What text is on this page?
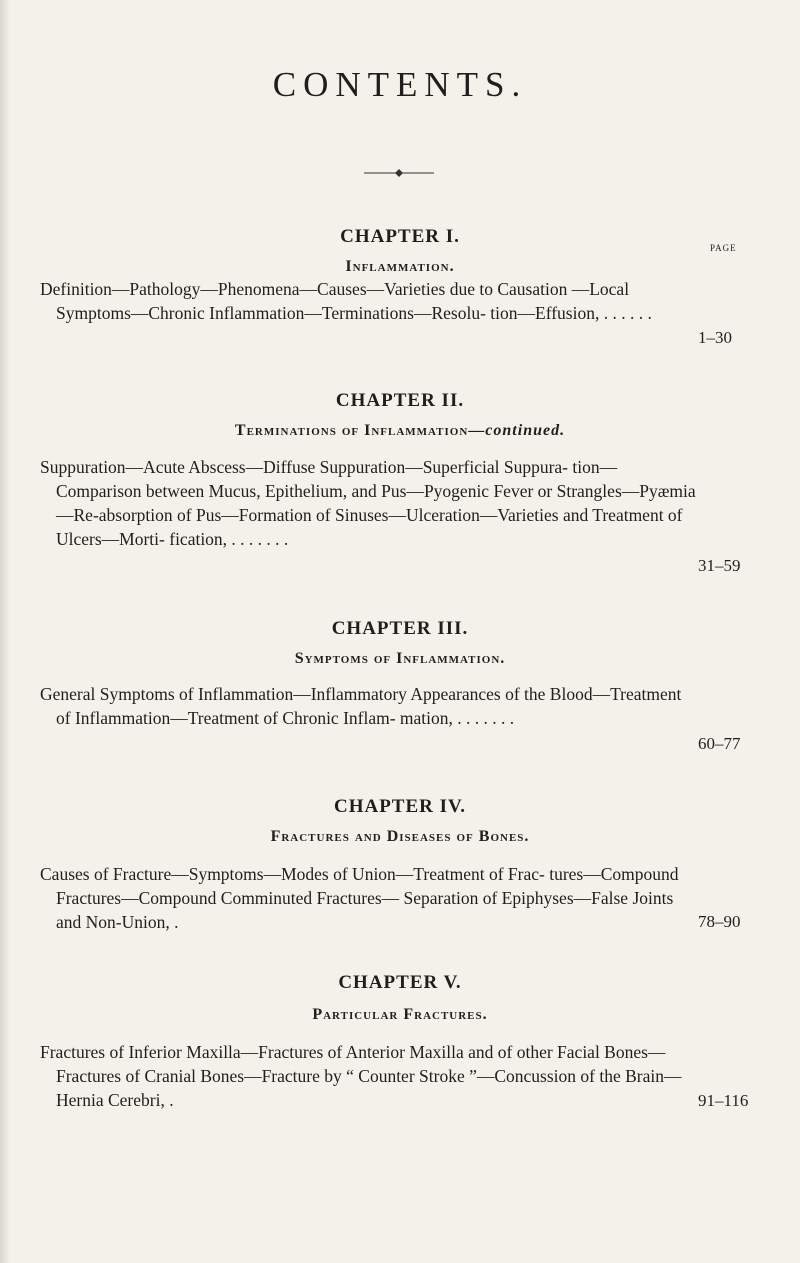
CONTENTS.
CHAPTER I.
Inflammation.
PAGE

Definition—Pathology—Phenomena—Causes—Varieties due to Causation —Local Symptoms—Chronic Inflammation—Terminations—Resolu- tion—Effusion, . . . . . .

1–30
CHAPTER II.
Terminations of Inflammation—continued.

Suppuration—Acute Abscess—Diffuse Suppuration—Superficial Suppura- tion—Comparison between Mucus, Epithelium, and Pus—Pyogenic Fever or Strangles—Pyæmia—Re-absorption of Pus—Formation of Sinuses—Ulceration—Varieties and Treatment of Ulcers—Morti- fication, . . . . . . .

31–59
CHAPTER III.
Symptoms of Inflammation.

General Symptoms of Inflammation—Inflammatory Appearances of the Blood—Treatment of Inflammation—Treatment of Chronic Inflam- mation, . . . . . . .

60–77
CHAPTER IV.
Fractures and Diseases of Bones.

Causes of Fracture—Symptoms—Modes of Union—Treatment of Frac- tures—Compound Fractures—Compound Comminuted Fractures— Separation of Epiphyses—False Joints and Non-Union, .	78–90
CHAPTER V.
Particular Fractures.

Fractures of Inferior Maxilla—Fractures of Anterior Maxilla and of other Facial Bones—Fractures of Cranial Bones—Fracture by “ Counter Stroke ”—Concussion of the Brain—Hernia Cerebri, .	91–116
